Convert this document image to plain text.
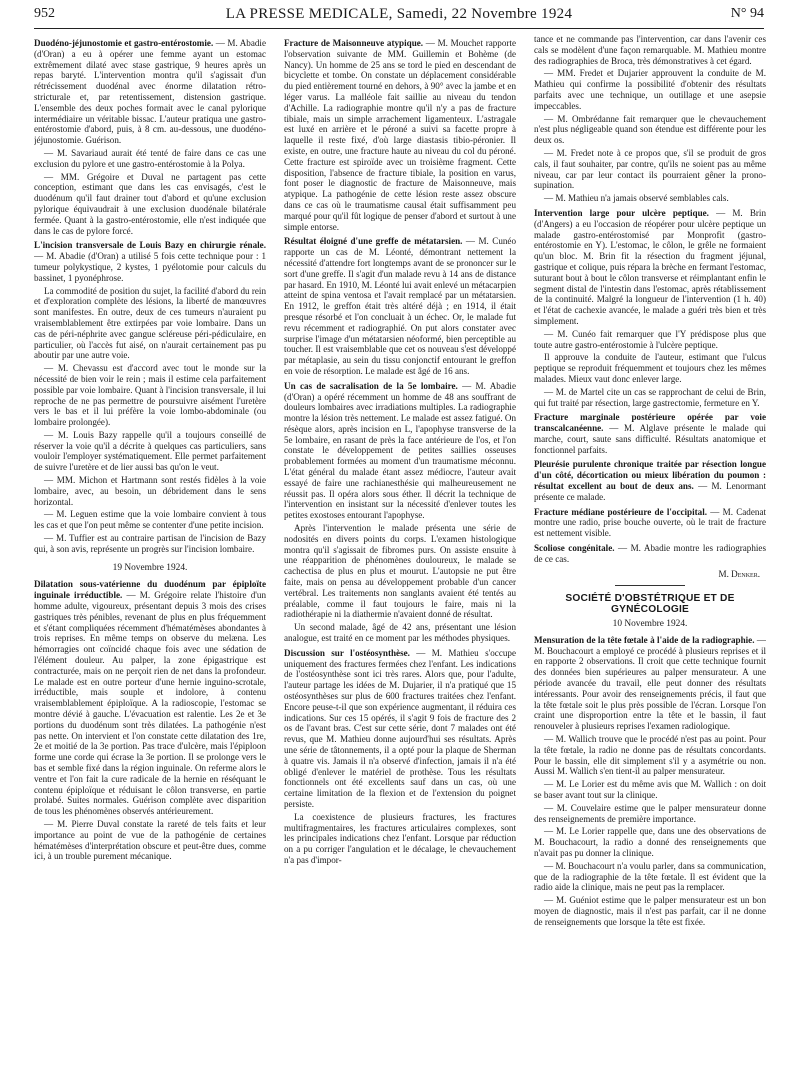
952	LA PRESSE MEDICALE, Samedi, 22 Novembre 1924	N° 94

Duodéno-jéjunostomie et gastro-entérostomie. — M. Abadie (d'Oran) a eu à opérer une femme ayant un estomac extrêmement dilaté avec stase gastrique, 9 heures après un repas baryté. L'intervention montra qu'il s'agissait d'un rétrécissement duodénal avec énorme dilatation rétro-stricturale et, par retentissement, distension gastrique. L'ensemble des deux poches formait avec le canal pylorique intermédiaire un véritable bissac. L'auteur pratiqua une gastro-entérostomie d'abord, puis, à 8 cm. au-dessous, une duodéno-jéjunostomie. Guérison.

— M. Savariaud aurait été tenté de faire dans ce cas une exclusion du pylore et une gastro-entérostomie à la Polya.

— MM. Grégoire et Duval ne partagent pas cette conception, estimant que dans les cas envisagés, c'est le duodénum qu'il faut drainer tout d'abord et qu'une exclusion pylorique équivaudrait à une exclusion duodénale bilatérale fermée. Quant à la gastro-entérostomie, elle n'est indiquée que dans le cas de pylore forcé.

L'incision transversale de Louis Bazy en chirurgie rénale. — M. Abadie (d'Oran) a utilisé 5 fois cette technique pour : 1 tumeur polykystique, 2 kystes, 1 pyélotomie pour calculs du bassinet, 1 pyonéphrose.

La commodité de position du sujet, la facilité d'abord du rein et d'exploration complète des lésions, la liberté de manœuvres sont manifestes. En outre, deux de ces tumeurs n'auraient pu vraisemblablement être extirpées par voie lombaire. Dans un cas de péri-néphrite avec gangue scléreuse péri-pédiculaire, en particulier, où l'accès fut aisé, on n'aurait certainement pas pu aboutir par une autre voie.

— M. Chevassu est d'accord avec tout le monde sur la nécessité de bien voir le rein ; mais il estime cela parfaitement possible par voie lombaire. Quant à l'incision transversale, il lui reproche de ne pas permettre de poursuivre aisément l'uretère vers le bas et il lui préfère la voie lombo-abdominale (ou lombaire prolongée).

— M. Louis Bazy rappelle qu'il a toujours conseillé de réserver la voie qu'il a décrite à quelques cas particuliers, sans vouloir l'employer systématiquement. Elle permet parfaitement de suivre l'uretère et de lier aussi bas qu'on le veut.

— MM. Michon et Hartmann sont restés fidèles à la voie lombaire, avec, au besoin, un débridement dans le sens horizontal.

— M. Leguen estime que la voie lombaire convient à tous les cas et que l'on peut même se contenter d'une petite incision.

— M. Tuffier est au contraire partisan de l'incision de Bazy qui, à son avis, représente un progrès sur l'incision lombaire.

19 Novembre 1924.

Dilatation sous-vatérienne du duodénum par épiploïte inguinale irréductible. — M. Grégoire relate l'histoire d'un homme adulte, vigoureux, présentant depuis 3 mois des crises gastriques très pénibles, revenant de plus en plus fréquemment et s'étant compliquées récemment d'hématémèses abondantes à trois reprises. En même temps on observe du melæna. Les hémorragies ont coïncidé chaque fois avec une sédation de l'élément douleur. Au palper, la zone épigastrique est contracturée, mais on ne perçoit rien de net dans la profondeur. Le malade est en outre porteur d'une hernie inguino-scrotale, irréductible, mais souple et indolore, à contenu vraisemblablement épiploïque. A la radioscopie, l'estomac se montre dévié à gauche. L'évacuation est ralentie. Les 2e et 3e portions du duodénum sont très dilatées. La pathogénie n'est pas nette. On intervient et l'on constate cette dilatation des 1re, 2e et moitié de la 3e portion. Pas trace d'ulcère, mais l'épiploon forme une corde qui écrase la 3e portion. Il se prolonge vers le bas et semble fixé dans la région inguinale. On referme alors le ventre et l'on fait la cure radicale de la hernie en réséquant le contenu épiploïque et réduisant le côlon transverse, en partie prolabé. Suites normales. Guérison complète avec disparition de tous les phénomènes observés antérieurement.

— M. Pierre Duval constate la rareté de tels faits et leur importance au point de vue de la pathogénie de certaines hématémèses d'interprétation obscure et peut-être dues, comme ici, à un trouble purement mécanique.

Fracture de Maisonneuve atypique. — M. Mouchet rapporte l'observation suivante de MM. Guillemin et Bohème (de Nancy). Un homme de 25 ans se tord le pied en descendant de bicyclette et tombe. On constate un déplacement considérable du pied entièrement tourné en dehors, à 90° avec la jambe et en léger varus. La malléole fait saillie au niveau du tendon d'Achille. La radiographie montre qu'il n'y a pas de fracture tibiale, mais un simple arrachement ligamenteux. L'astragale est luxé en arrière et le péroné a suivi sa facette propre à laquelle il reste fixé, d'où large diastasis tibio-péronier. Il existe, en outre, une fracture haute au niveau du col du péroné. Cette fracture est spiroïde avec un troisième fragment. Cette disposition, l'absence de fracture tibiale, la position en varus, font poser le diagnostic de fracture de Maisonneuve, mais atypique. La pathogénie de cette lésion reste assez obscure dans ce cas où le traumatisme causal était suffisamment peu marqué pour qu'il fût logique de penser d'abord et surtout à une simple entorse.

Résultat éloigné d'une greffe de métatarsien. — M. Cunéo rapporte un cas de M. Léonté, démontrant nettement la nécessité d'attendre fort longtemps avant de se prononcer sur le sort d'une greffe. Il s'agit d'un malade revu à 14 ans de distance par hasard. En 1910, M. Léonté lui avait enlevé un métacarpien atteint de spina ventosa et l'avait remplacé par un métatarsien. En 1912, le greffon était très altéré déjà ; en 1914, il était presque résorbé et l'on concluait à un échec. Or, le malade fut revu récemment et radiographié. On put alors constater avec surprise l'image d'un métatarsien néoformé, bien perceptible au toucher. Il est vraisemblable que cet os nouveau s'est développé par métaplasie, au sein du tissu conjonctif entourant le greffon en voie de résorption. Le malade est âgé de 16 ans.

Un cas de sacralisation de la 5e lombaire. — M. Abadie (d'Oran) a opéré récemment un homme de 48 ans souffrant de douleurs lombaires avec irradiations multiples. La radiographie montre la lésion très nettement. Le malade est assez fatigué. On résèque alors, après incision en L, l'apophyse transverse de la 5e lombaire, en rasant de près la face antérieure de l'os, et l'on constate le développement de petites saillies osseuses probablement formées au moment d'un traumatisme méconnu. L'état général du malade étant assez médiocre, l'auteur avait essayé de faire une rachianesthésie qui malheureusement ne réussit pas. Il opéra alors sous éther. Il décrit la technique de l'intervention en insistant sur la nécessité d'enlever toutes les petites exostoses entourant l'apophyse.

Après l'intervention le malade présenta une série de nodosités en divers points du corps. L'examen histologique montra qu'il s'agissait de fibromes purs. On assiste ensuite à une réapparition de phénomènes douloureux, le malade se cachectisa de plus en plus et mourut. L'autopsie ne put être faite, mais on pensa au développement probable d'un cancer vertébral. Les traitements non sanglants avaient été tentés au préalable, comme il faut toujours le faire, mais ni la radiothérapie ni la diathermie n'avaient donné de résultat.

Un second malade, âgé de 42 ans, présentant une lésion analogue, est traité en ce moment par les méthodes physiques.

Discussion sur l'ostéosynthèse. — M. Mathieu s'occupe uniquement des fractures fermées chez l'enfant. Les indications de l'ostéosynthèse sont ici très rares. Alors que, pour l'adulte, l'auteur partage les idées de M. Dujarier, il n'a pratiqué que 15 ostéosynthèses sur plus de 600 fractures traitées chez l'enfant. Encore peuse-t-il que son expérience augmentant, il réduira ces indications. Sur ces 15 opérés, il s'agit 9 fois de fracture des 2 os de l'avant bras. C'est sur cette série, dont 7 malades ont été revus, que M. Mathieu donne aujourd'hui ses résultats. Après une série de tâtonnements, il a opté pour la plaque de Sherman à quatre vis. Jamais il n'a observé d'infection, jamais il n'a été obligé d'enlever le matériel de prothèse. Tous les résultats fonctionnels ont été excellents sauf dans un cas, où une certaine limitation de la flexion et de l'extension du poignet persiste.

La coexistence de plusieurs fractures, les fractures multifragmentaires, les fractures articulaires complexes, sont les principales indications chez l'enfant. Lorsque par réduction on a pu corriger l'angulation et le décalage, le chevauchement n'a pas d'impor-

tance et ne commande pas l'intervention, car dans l'avenir ces cals se modèlent d'une façon remarquable. M. Mathieu montre des radiographies de Broca, très démonstratives à cet égard.

— MM. Fredet et Dujarier approuvent la conduite de M. Mathieu qui confirme la possibilité d'obtenir des résultats parfaits avec une technique, un outillage et une asepsie impeccables.

— M. Ombrédanne fait remarquer que le chevauchement n'est plus négligeable quand son étendue est différente pour les deux os.

— M. Fredet note à ce propos que, s'il se produit de gros cals, il faut souhaiter, par contre, qu'ils ne soient pas au même niveau, car par leur contact ils pourraient gêner la prono-supination.

— M. Mathieu n'a jamais observé semblables cals.

Intervention large pour ulcère peptique. — M. Brin (d'Angers) a eu l'occasion de réopérer pour ulcère peptique un malade gastro-entérostomisé par Monprofit (gastro-entérostomie en Y). L'estomac, le côlon, le grêle ne formaient qu'un bloc. M. Brin fit la résection du fragment jéjunal, gastrique et colique, puis répara la brèche en fermant l'estomac, suturant bout à bout le côlon transverse et réimplantant enfin le segment distal de l'intestin dans l'estomac, après rétablissement de la continuité. Malgré la longueur de l'intervention (1 h. 40) et l'état de cachexie avancée, le malade a guéri très bien et très simplement.

— M. Cunéo fait remarquer que l'Y prédispose plus que toute autre gastro-entérostomie à l'ulcère peptique.

Il approuve la conduite de l'auteur, estimant que l'ulcus peptique se reproduit fréquemment et toujours chez les mêmes malades. Mieux vaut donc enlever large.

— M. de Martel cite un cas se rapprochant de celui de Brin, qui fut traité par résection, large gastrectomie, fermeture en Y.

Fracture marginale postérieure opérée par voie transcalcanéenne. — M. Alglave présente le malade qui marche, court, saute sans difficulté. Résultats anatomique et fonctionnel parfaits.

Pleurésie purulente chronique traitée par résection longue d'un côté, décortication ou mieux libération du poumon : résultat excellent au bout de deux ans. — M. Lenormant présente ce malade.

Fracture médiane postérieure de l'occipital. — M. Cadenat montre une radio, prise bouche ouverte, où le trait de fracture est nettement visible.

Scoliose congénitale. — M. Abadie montre les radiographies de ce cas.

M. Denker.

SOCIÉTÉ D'OBSTÉTRIQUE ET DE GYNÉCOLOGIE
10 Novembre 1924.

Mensuration de la tête fœtale à l'aide de la radiographie. — M. Bouchacourt a employé ce procédé à plusieurs reprises et il en rapporte 2 observations. Il croit que cette technique fournit des données bien supérieures au palper mensurateur. A une période avancée du travail, elle peut donner des résultats intéressants. Pour avoir des renseignements précis, il faut que la tête fœtale soit le plus près possible de l'écran. Lorsque l'on craint une disproportion entre la tête et le bassin, il faut renouveler à plusieurs reprises l'examen radiologique.

— M. Wallich trouve que le procédé n'est pas au point. Pour la tête fœtale, la radio ne donne pas de résultats concordants. Pour le bassin, elle dit simplement s'il y a asymétrie ou non. Aussi M. Wallich s'en tient-il au palper mensurateur.

— M. Le Lorier est du même avis que M. Wallich : on doit se baser avant tout sur la clinique.

— M. Couvelaire estime que le palper mensurateur donne des renseignements de première importance.

— M. Le Lorier rappelle que, dans une des observations de M. Bouchacourt, la radio a donné des renseignements que n'avait pas pu donner la clinique.

— M. Bouchacourt n'a voulu parler, dans sa communication, que de la radiographie de la tête fœtale. Il est évident que la radio aide la clinique, mais ne peut pas la remplacer.

— M. Guéniot estime que le palper mensurateur est un bon moyen de diagnostic, mais il n'est pas parfait, car il ne donne de renseignements que lorsque la tête est fixée.
